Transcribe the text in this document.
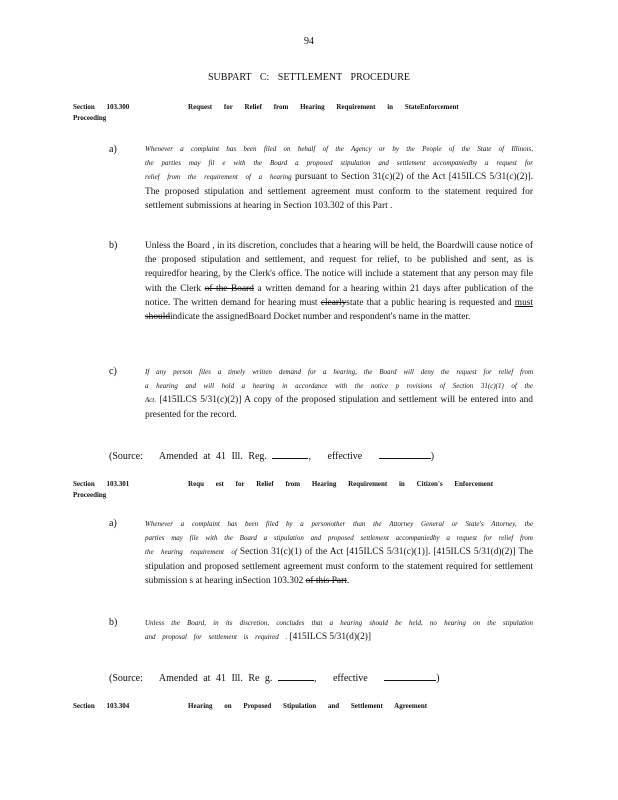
94
SUBPART C: SETTLEMENT PROCEDURE
Section 103.300	Request for Relief from Hearing Requirement in StateEnforcement
Proceeding
a)	Whenever a complaint has been filed on behalf of the Agency or by the People of the State of Illinois, the parties may fil e with the Board a proposed stipulation and settlement accompaniedby a request for relief from the requirement of a hearing pursuant to Section 31(c)(2) of the Act [415ILCS 5/31(c)(2)]. The proposed stipulation and settlement agreement must conform to the statement required for settlement submissions at hearing in Section 103.302 of this Part .
b)	Unless the Board , in its discretion, concludes that a hearing will be held, the Boardwill cause notice of the proposed stipulation and settlement, and request for relief, to be published and sent, as is requiredfor hearing, by the Clerk's office. The notice will include a statement that any person may file with the Clerk of the Board a written demand for a hearing within 21 days after publication of the notice. The written demand for hearing must clearlystate that a public hearing is requested and must shouldindicate the assignedBoard Docket number and respondent's name in the matter.
c)	If any person files a timely written demand for a hearing, the Board will deny the request for relief from a hearing and will hold a hearing in accordance with the notice p rovisions of Section 31(c)(1) of the Act. [415ILCS 5/31(c)(2)] A copy of the proposed stipulation and settlement will be entered into and presented for the record.
(Source: Amended at 41 Ill. Reg.	, effective	)
Section 103.301	Requ est for Relief from Hearing Requirement in Citizen's Enforcement
Proceeding
a)	Whenever a complaint has been filed by a personother than the Attorney General or State's Attorney, the parties may file with the Board a stipulation and proposed settlement accompaniedby a request for relief from the hearing requirement of Section 31(c)(1) of the Act [415ILCS 5/31(c)(1)]. [415ILCS 5/31(d)(2)] The stipulation and proposed settlement agreement must conform to the statement required for settlement submission s at hearing inSection 103.302 of this Part.
b)	Unless the Board, in its discretion, concludes that a hearing should be held, no hearing on the stipulation and proposal for settlement is required . [415ILCS 5/31(d)(2)]
(Source: Amended at 41 Ill. Re g.	, effective	)
Section 103.304	Hearing on Proposed Stipulation and Settlement Agreement
